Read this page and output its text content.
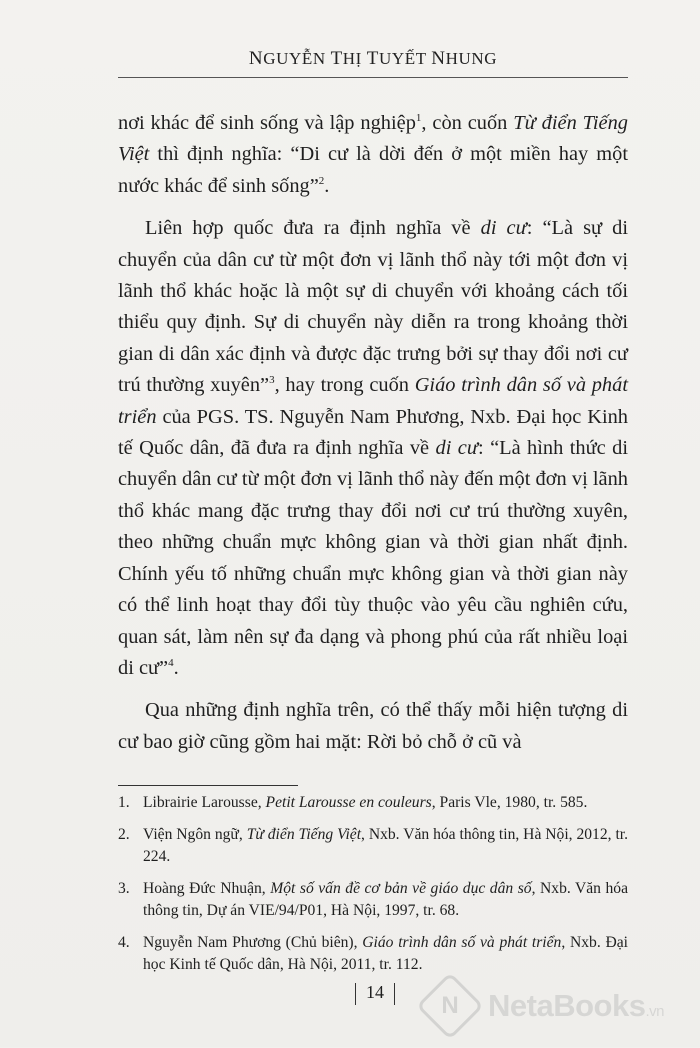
NGUYỄN THỊ TUYẾT NHUNG

nơi khác để sinh sống và lập nghiệp$^1$, còn cuốn Từ điển Tiếng Việt thì định nghĩa: “Di cư là dời đến ở một miền hay một nước khác để sinh sống”$^2$.

Liên hợp quốc đưa ra định nghĩa về di cư: “Là sự di chuyển của dân cư từ một đơn vị lãnh thổ này tới một đơn vị lãnh thổ khác hoặc là một sự di chuyển với khoảng cách tối thiểu quy định. Sự di chuyển này diễn ra trong khoảng thời gian di dân xác định và được đặc trưng bởi sự thay đổi nơi cư trú thường xuyên”$^3$, hay trong cuốn Giáo trình dân số và phát triển của PGS. TS. Nguyễn Nam Phương, Nxb. Đại học Kinh tế Quốc dân, đã đưa ra định nghĩa về di cư: “Là hình thức di chuyển dân cư từ một đơn vị lãnh thổ này đến một đơn vị lãnh thổ khác mang đặc trưng thay đổi nơi cư trú thường xuyên, theo những chuẩn mực không gian và thời gian nhất định. Chính yếu tố những chuẩn mực không gian và thời gian này có thể linh hoạt thay đổi tùy thuộc vào yêu cầu nghiên cứu, quan sát, làm nên sự đa dạng và phong phú của rất nhiều loại di cư”$^4$.

Qua những định nghĩa trên, có thể thấy mỗi hiện tượng di cư bao giờ cũng gồm hai mặt: Rời bỏ chỗ ở cũ và

1. Librairie Larousse, Petit Larousse en couleurs, Paris Vle, 1980, tr. 585.
2. Viện Ngôn ngữ, Từ điển Tiếng Việt, Nxb. Văn hóa thông tin, Hà Nội, 2012, tr. 224.
3. Hoàng Đức Nhuận, Một số vấn đề cơ bản về giáo dục dân số, Nxb. Văn hóa thông tin, Dự án VIE/94/P01, Hà Nội, 1997, tr. 68.
4. Nguyễn Nam Phương (Chủ biên), Giáo trình dân số và phát triển, Nxb. Đại học Kinh tế Quốc dân, Hà Nội, 2011, tr. 112.
14
N	NetaBooks.vn
